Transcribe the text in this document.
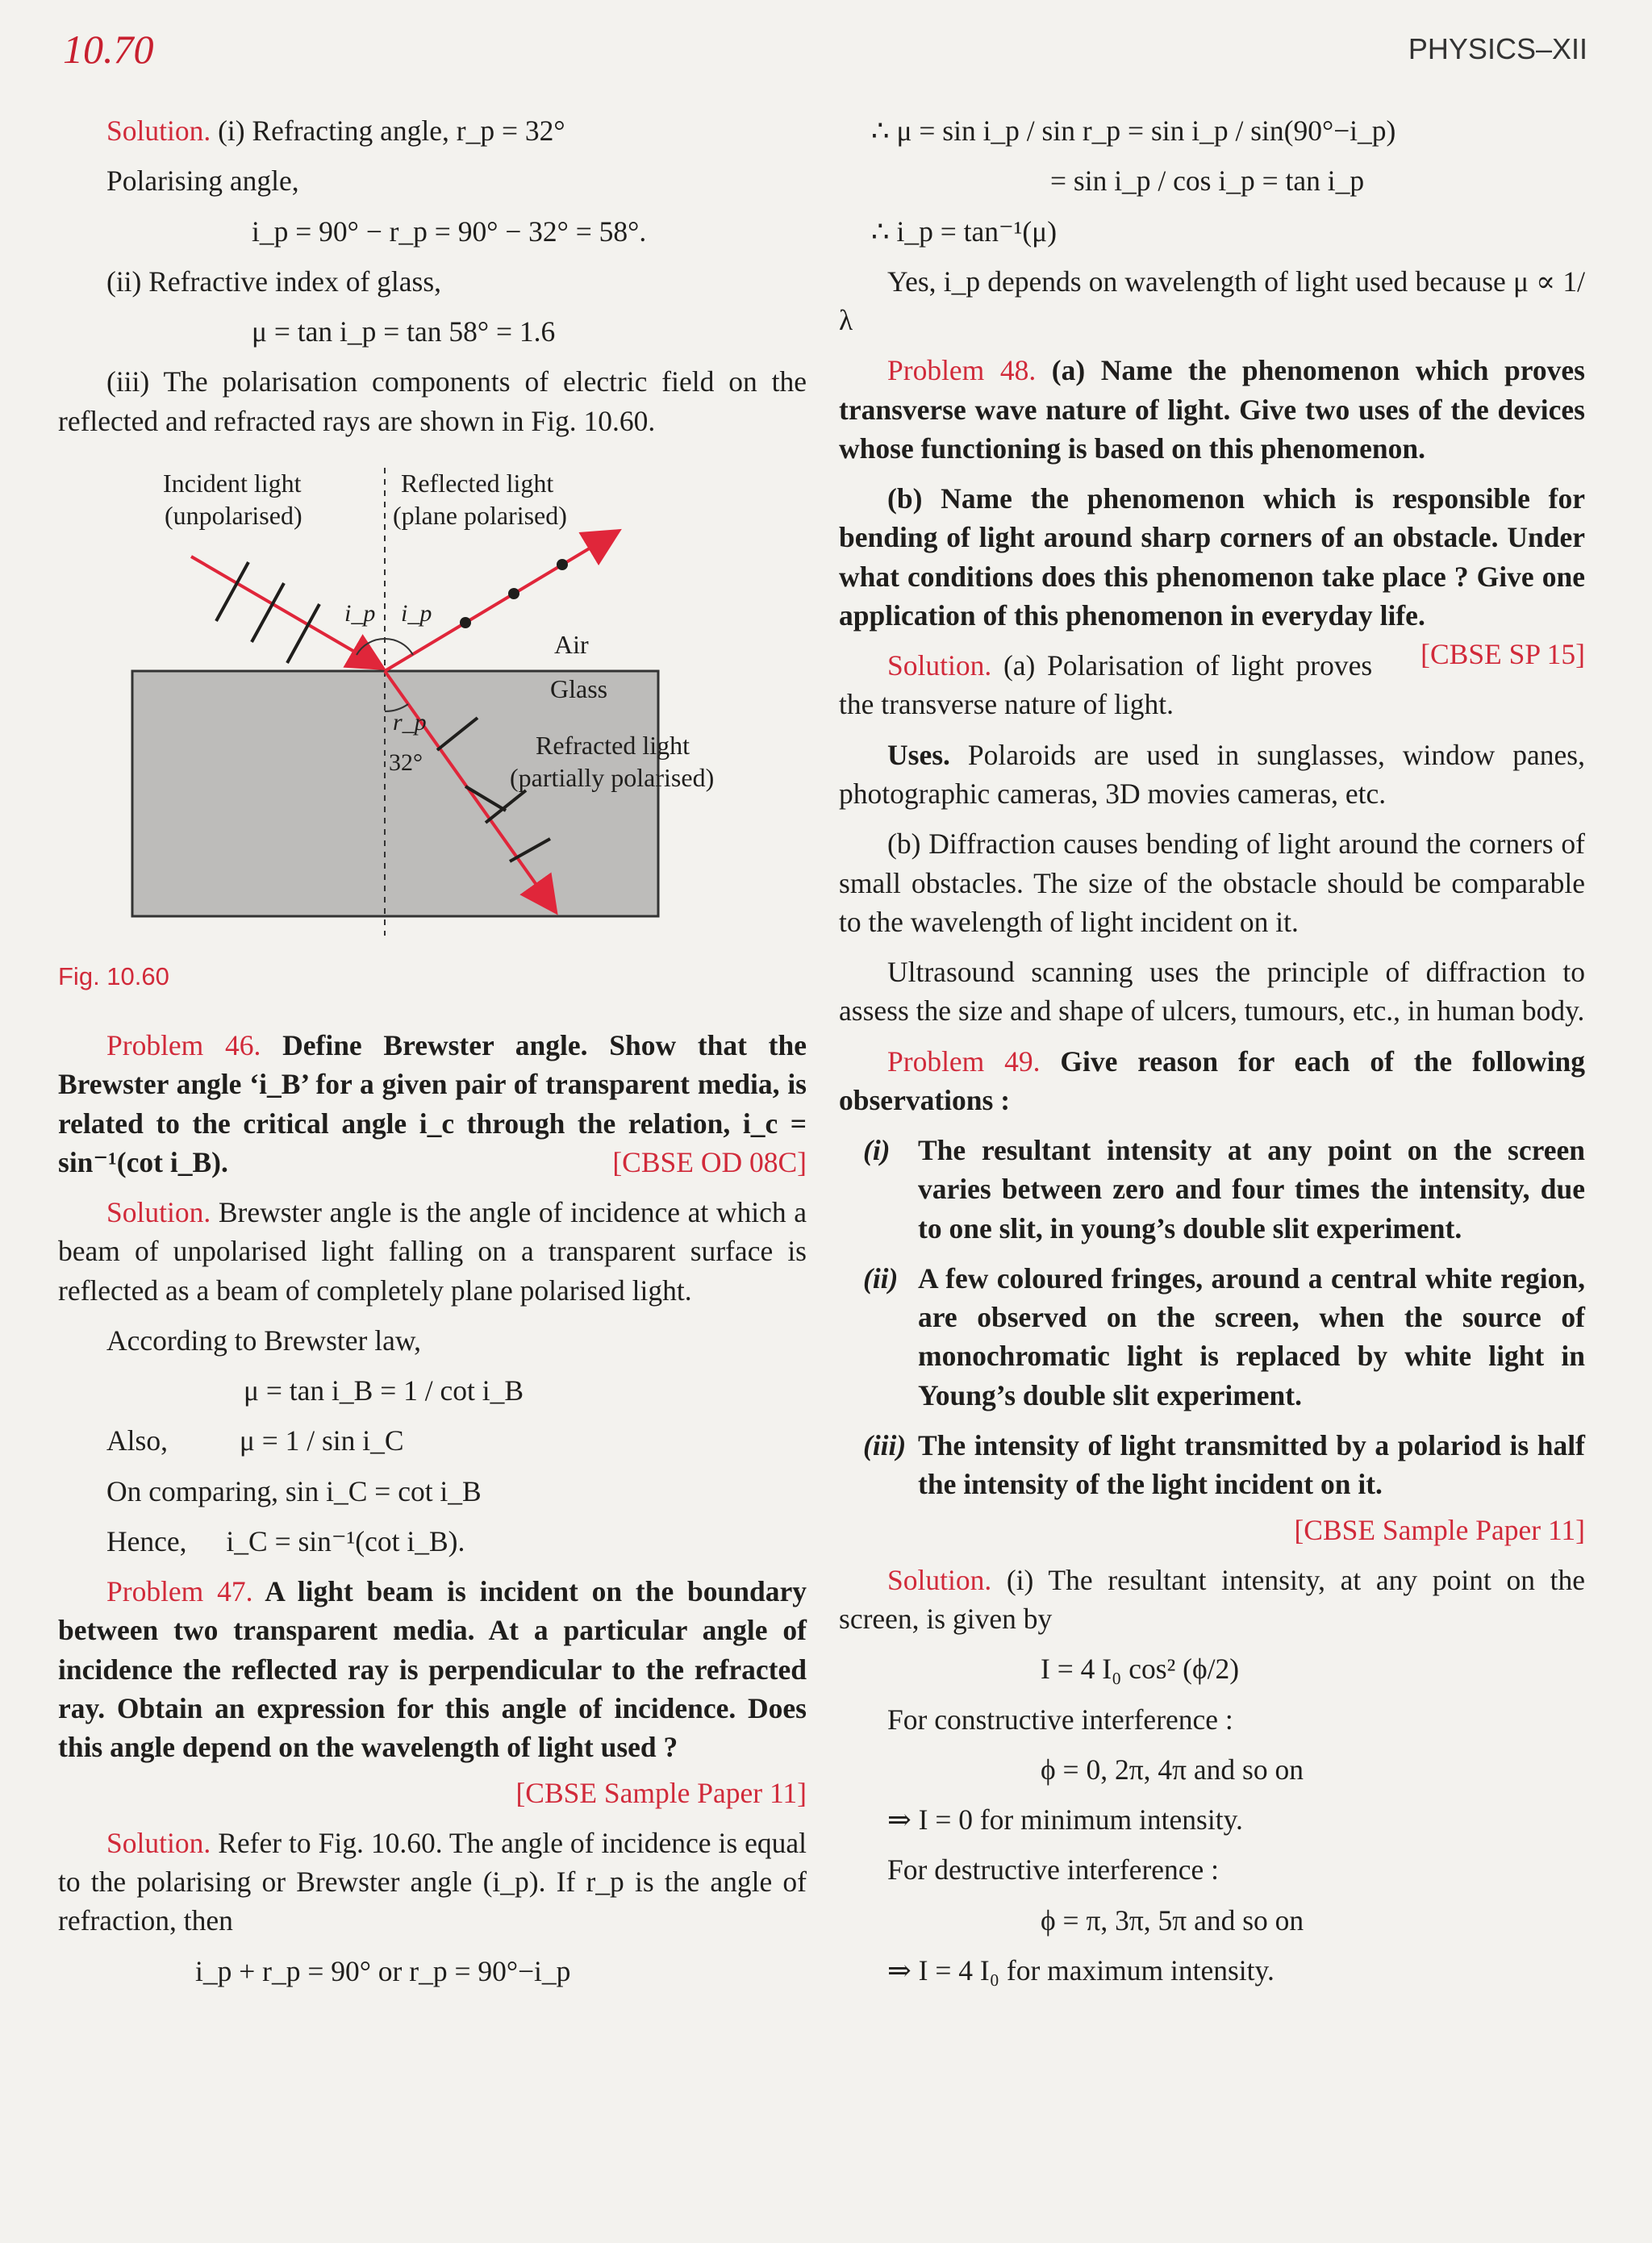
10.70	PHYSICS–XII

Solution. (i) Refracting angle, r_p = 32°

Polarising angle,

i_p = 90° − r_p = 90° − 32° = 58°.

(ii) Refractive index of glass,

μ = tan i_p = tan 58° = 1.6

(iii) The polarisation components of electric field on the reflected and refracted rays are shown in Fig. 10.60.

Incident light
(unpolarised)
Reflected light
(plane polarised)
Air
Glass
Refracted light
(partially polarised)
i_p i_p
r_p
32°
Fig. 10.60

Problem 46. Define Brewster angle. Show that the Brewster angle ‘i_B’ for a given pair of transparent media, is related to the critical angle i_c through the relation, i_c = sin⁻¹(cot i_B).	[CBSE OD 08C]

Solution. Brewster angle is the angle of incidence at which a beam of unpolarised light falling on a transparent surface is reflected as a beam of completely plane polarised light.

According to Brewster law,

μ = tan i_B = 1 / cot i_B

Also,	μ = 1 / sin i_C

On comparing, sin i_C = cot i_B

Hence, i_C = sin⁻¹(cot i_B).

Problem 47. A light beam is incident on the boundary between two transparent media. At a particular angle of incidence the reflected ray is perpendicular to the refracted ray. Obtain an expression for this angle of incidence. Does this angle depend on the wavelength of light used ?

[CBSE Sample Paper 11]

Solution. Refer to Fig. 10.60. The angle of incidence is equal to the polarising or Brewster angle (i_p). If r_p is the angle of refraction, then

i_p + r_p = 90° or r_p = 90°−i_p

∴ μ = sin i_p / sin r_p = sin i_p / sin(90°−i_p)

= sin i_p / cos i_p = tan i_p

∴ i_p = tan⁻¹(μ)

Yes, i_p depends on wavelength of light used because μ ∝ 1/λ

Problem 48. (a) Name the phenomenon which proves transverse wave nature of light. Give two uses of the devices whose functioning is based on this phenomenon.

(b) Name the phenomenon which is responsible for bending of light around sharp corners of an obstacle. Under what conditions does this phenomenon take place ? Give one application of this phenomenon in everyday life.
[CBSE SP 15]

Solution. (a) Polarisation of light proves the transverse nature of light.

Uses. Polaroids are used in sunglasses, window panes, photographic cameras, 3D movies cameras, etc.

(b) Diffraction causes bending of light around the corners of small obstacles. The size of the obstacle should be comparable to the wavelength of light incident on it.

Ultrasound scanning uses the principle of diffraction to assess the size and shape of ulcers, tumours, etc., in human body.

Problem 49. Give reason for each of the following observations :

(i) The resultant intensity at any point on the screen varies between zero and four times the intensity, due to one slit, in young’s double slit experiment.
(ii) A few coloured fringes, around a central white region, are observed on the screen, when the source of monochromatic light is replaced by white light in Young’s double slit experiment.
(iii) The intensity of light transmitted by a polariod is half the intensity of the light incident on it.

[CBSE Sample Paper 11]

Solution. (i) The resultant intensity, at any point on the screen, is given by

I = 4 I₀ cos² (ϕ/2)

For constructive interference :

ϕ = 0, 2π, 4π and so on

⇒ I = 0 for minimum intensity.

For destructive interference :

ϕ = π, 3π, 5π and so on

⇒ I = 4 I₀ for maximum intensity.
